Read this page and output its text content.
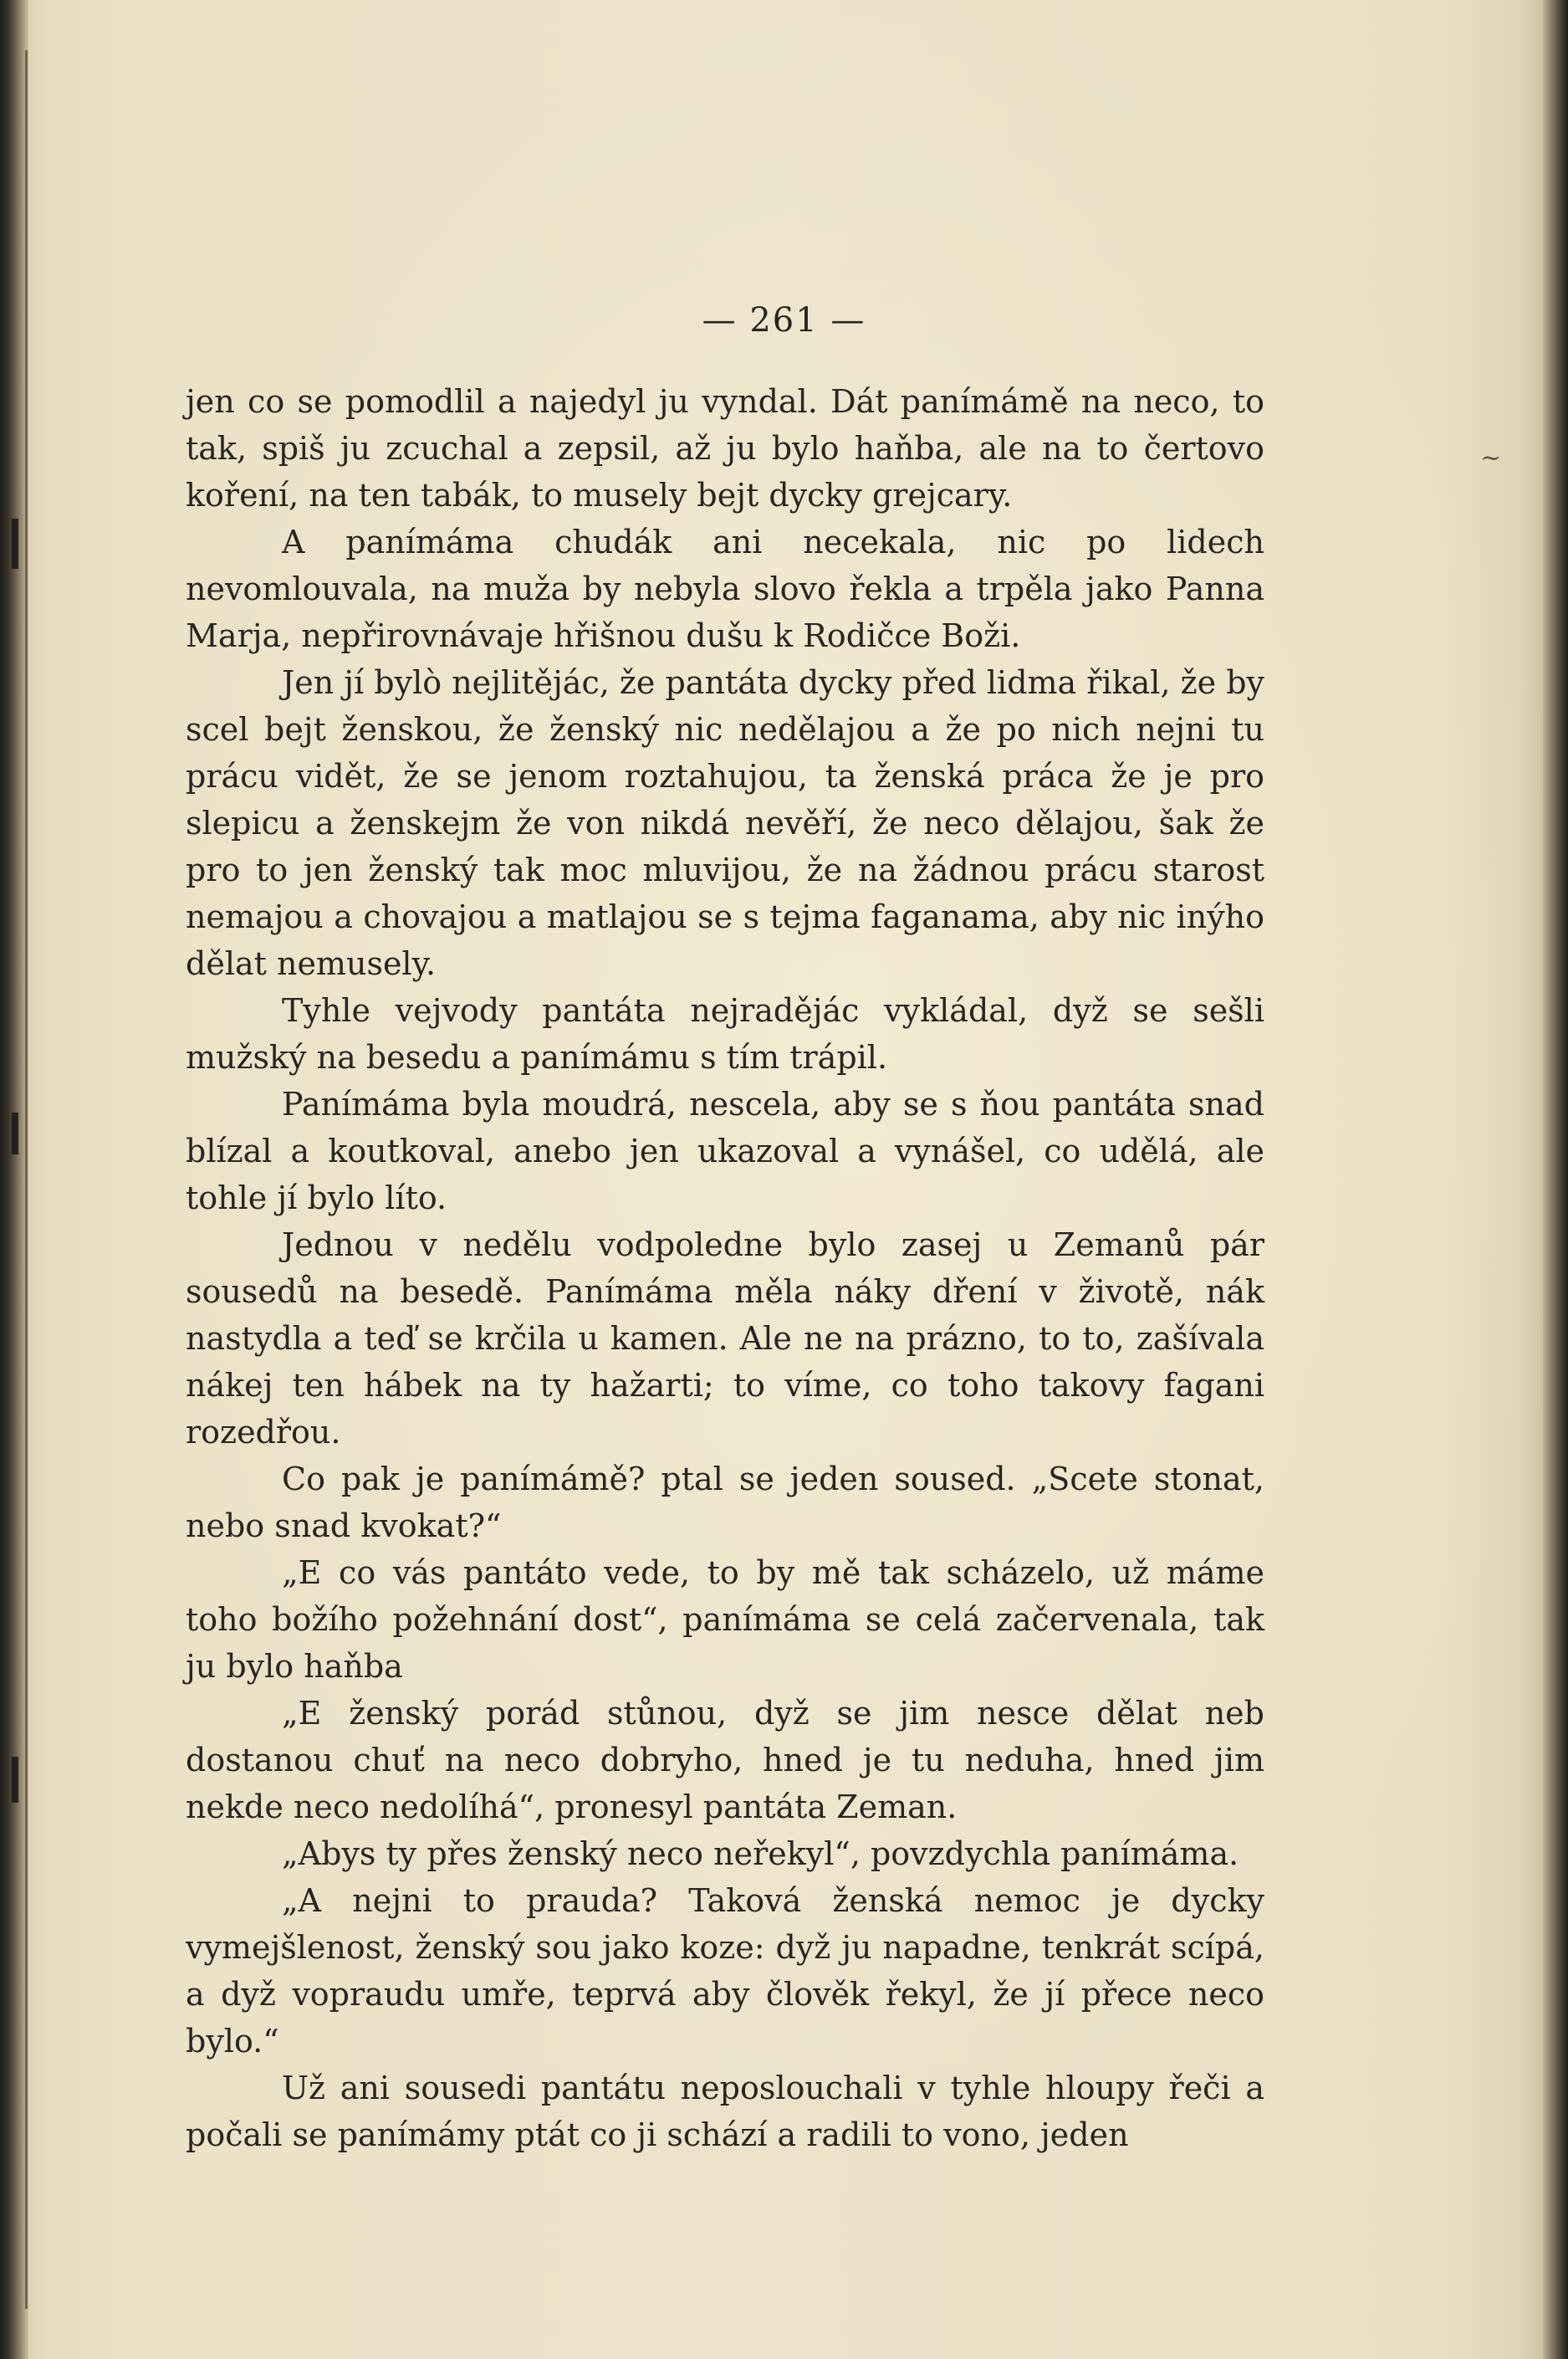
— 261 —
~

jen co se pomodlil a najedyl ju vyndal. Dát panímámě na neco, to tak, spiš ju zcuchal a zepsil, až ju bylo haňba, ale na to čertovo koření, na ten tabák, to musely bejt dycky grejcary.

A panímáma chudák ani necekala, nic po lidech nevomlouvala, na muža by nebyla slovo řekla a trpěla jako Panna Marja, nepřirovnávaje hřišnou dušu k Rodičce Boži.

Jen jí bylò nejlitějác, že pantáta dycky před lidma řikal, že by scel bejt ženskou, že ženský nic nedělajou a že po nich nejni tu prácu vidět, že se jenom roztahujou, ta ženská práca že je pro slepicu a ženskejm že von nikdá nevěří, že neco dělajou, šak že pro to jen ženský tak moc mluvijou, že na žádnou prácu starost nemajou a chovajou a matlajou se s tejma faganama, aby nic inýho dělat nemusely.

Tyhle vejvody pantáta nejradějác vykládal, dyž se sešli mužský na besedu a panímámu s tím trápil.

Panímáma byla moudrá, nescela, aby se s ňou pantáta snad blízal a koutkoval, anebo jen ukazoval a vynášel, co udělá, ale tohle jí bylo líto.

Jednou v nedělu vodpoledne bylo zasej u Zemanů pár sousedů na besedě. Panímáma měla náky dření v životě, nák nastydla a teď se krčila u kamen. Ale ne na prázno, to to, zašívala nákej ten hábek na ty hažarti; to víme, co toho takovy fagani rozedřou.

Co pak je panímámě? ptal se jeden soused. „Scete stonat, nebo snad kvokat?“

„E co vás pantáto vede, to by mě tak scházelo, už máme toho božího požehnání dost“, panímáma se celá začervenala, tak ju bylo haňba

„E ženský porád stůnou, dyž se jim nesce dělat neb dostanou chuť na neco dobryho, hned je tu neduha, hned jim nekde neco nedolíhá“, pronesyl pantáta Zeman.

„Abys ty přes ženský neco neřekyl“, povzdychla panímáma.

„A nejni to prauda? Taková ženská nemoc je dycky vymejšlenost, ženský sou jako koze: dyž ju napadne, tenkrát scípá, a dyž vopraudu umře, teprvá aby člověk řekyl, že jí přece neco bylo.“

Už ani sousedi pantátu neposlouchali v tyhle hloupy řeči a počali se panímámy ptát co ji schází a radili to vono, jeden
